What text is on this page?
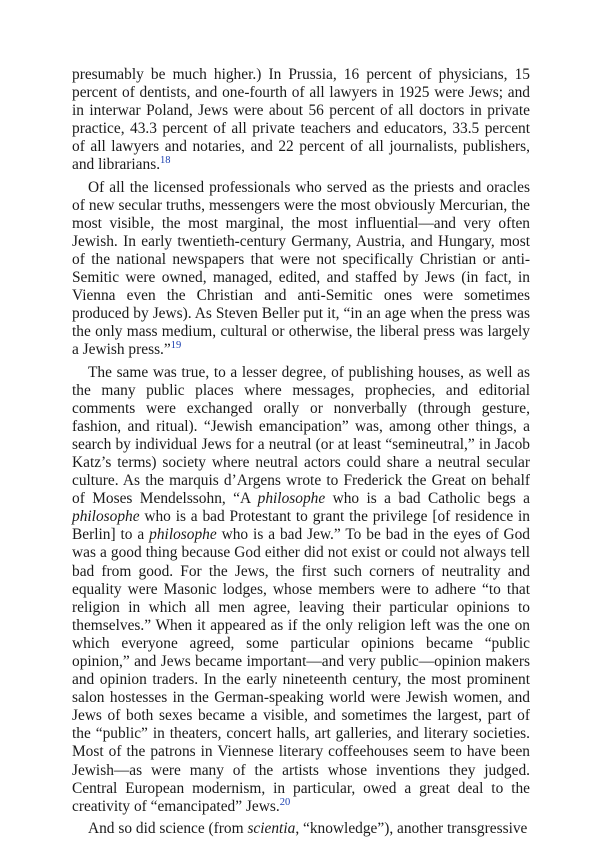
presumably be much higher.) In Prussia, 16 percent of physicians, 15 percent of dentists, and one-fourth of all lawyers in 1925 were Jews; and in interwar Poland, Jews were about 56 percent of all doctors in private practice, 43.3 percent of all private teachers and educators, 33.5 percent of all lawyers and notaries, and 22 percent of all journalists, publishers, and librarians.$^{18}$

Of all the licensed professionals who served as the priests and oracles of new secular truths, messengers were the most obviously Mercurian, the most visible, the most marginal, the most influential—and very often Jewish. In early twentieth-century Germany, Austria, and Hungary, most of the national newspapers that were not specifically Christian or anti-Semitic were owned, managed, edited, and staffed by Jews (in fact, in Vienna even the Christian and anti-Semitic ones were sometimes produced by Jews). As Steven Beller put it, “in an age when the press was the only mass medium, cultural or otherwise, the liberal press was largely a Jewish press.”$^{19}$

The same was true, to a lesser degree, of publishing houses, as well as the many public places where messages, prophecies, and editorial comments were exchanged orally or nonverbally (through gesture, fashion, and ritual). “Jewish emancipation” was, among other things, a search by individual Jews for a neutral (or at least “semineutral,” in Jacob Katz’s terms) society where neutral actors could share a neutral secular culture. As the marquis d’Argens wrote to Frederick the Great on behalf of Moses Mendelssohn, “A philosophe who is a bad Catholic begs a philosophe who is a bad Protestant to grant the privilege [of residence in Berlin] to a philosophe who is a bad Jew.” To be bad in the eyes of God was a good thing because God either did not exist or could not always tell bad from good. For the Jews, the first such corners of neutrality and equality were Masonic lodges, whose members were to adhere “to that religion in which all men agree, leaving their particular opinions to themselves.” When it appeared as if the only religion left was the one on which everyone agreed, some particular opinions became “public opinion,” and Jews became important—and very public—opinion makers and opinion traders. In the early nineteenth century, the most prominent salon hostesses in the German-speaking world were Jewish women, and Jews of both sexes became a visible, and sometimes the largest, part of the “public” in theaters, concert halls, art galleries, and literary societies. Most of the patrons in Viennese literary coffeehouses seem to have been Jewish—as were many of the artists whose inventions they judged. Central European modernism, in particular, owed a great deal to the creativity of “emancipated” Jews.$^{20}$

And so did science (from scientia, “knowledge”), another transgressive
